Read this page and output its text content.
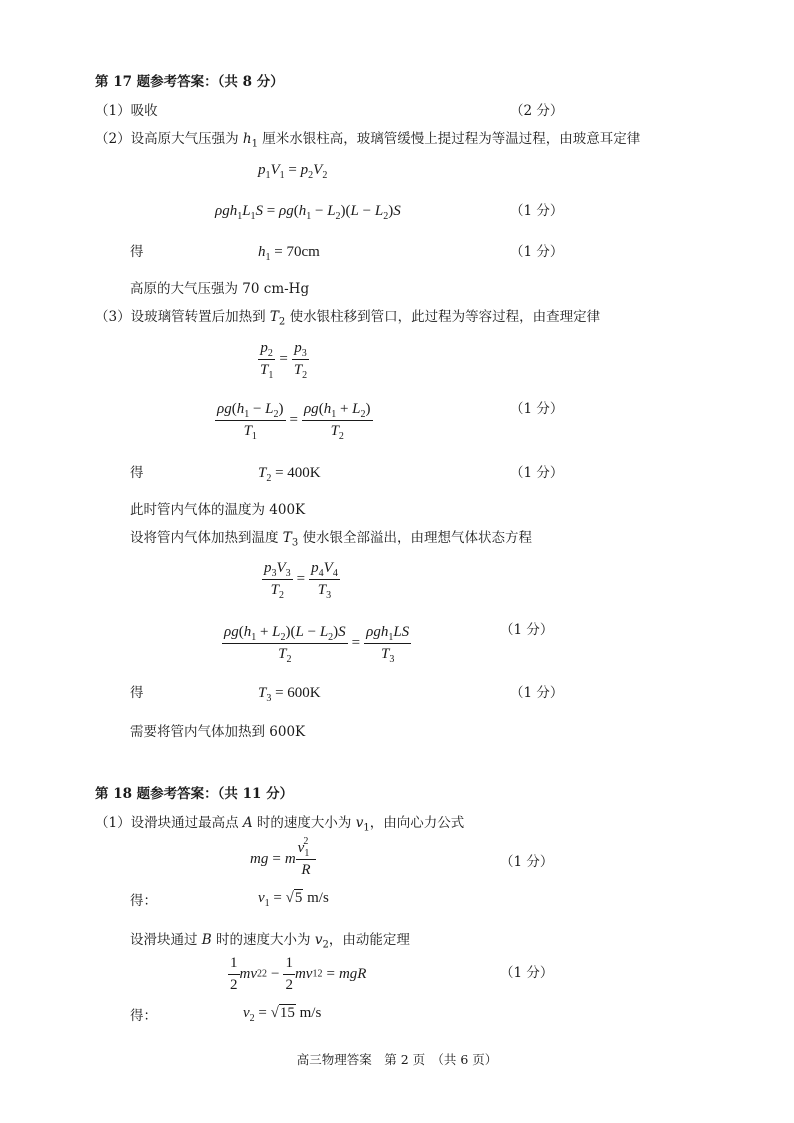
第 17 题参考答案：（共 8 分）
（1）吸收	（2 分）
（2）设高原大气压强为 $h_1$ 厘米水银柱高，玻璃管缓慢上提过程为等温过程，由玻意耳定律
$p_1V_1 = p_2V_2$
$\rho gh_1L_1S = \rho g(h_1 - L_2)(L - L_2)S$	（1 分）
得	$h_1 = 70cm$	（1 分）
高原的大气压强为 70 cm-Hg
（3）设玻璃管转置后加热到 $T_2$ 使水银柱移到管口，此过程为等容过程，由查理定律
$\frac{p_2}{T_1} = \frac{p_3}{T_2}$
$\frac{\rho g(h_1 - L_2)}{T_1} = \frac{\rho g(h_1 + L_2)}{T_2}$	（1 分）
得	$T_2 = 400K$	（1 分）
此时管内气体的温度为 400K
设将管内气体加热到温度 $T_3$ 使水银全部溢出，由理想气体状态方程
$\frac{p_3V_3}{T_2} = \frac{p_4V_4}{T_3}$
$\frac{\rho g(h_1 + L_2)(L - L_2)S}{T_2} = \frac{\rho gh_1LS}{T_3}$	（1 分）
得	$T_3 = 600K$	（1 分）
需要将管内气体加热到 600K
第 18 题参考答案：（共 11 分）
（1）设滑块通过最高点 A 时的速度大小为 $v_1$，由向心力公式
mg = m $\frac{v_1^2}{R}$	（1 分）
得：	$v_1 = √5$ m/s
设滑块通过 B 时的速度大小为 $v_2$，由动能定理
$\frac{1}{2} mv22 - \frac{1}{2} mv12$ = mgR	（1 分）
得：	$v_2 = √15$ m/s
高三物理答案　第 2 页　（共 6 页）
